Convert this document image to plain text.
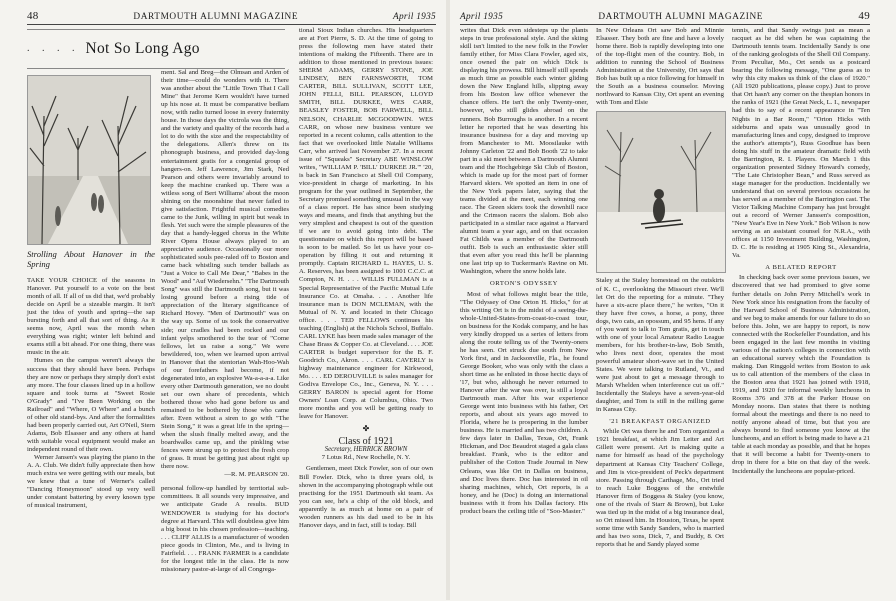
48	DARTMOUTH ALUMNI MAGAZINE	April 1935
. . . . Not So Long Ago
Strolling About Hanover in the Spring

TAKE YOUR CHOICE of the seasons in Hanover. Put yourself to a vote on the best month of all. If all of us did that, we'd probably decide on April be a sizeable margin. It isn't just the idea of youth and spring—the sap bursting forth and all that sort of thing. As it seems now, April was the month when everything was right; winter left behind and exams still a bit ahead. For one thing, there was music in the air.

Humes on the campus weren't always the success that they should have been. Perhaps they are now or perhaps they simply don't exist any more. The four classes lined up in a hollow square and took turns at "Sweet Rosie O'Grady" and "I've Been Working on the Railroad" and "Where, O Where" and a bunch of other old stand-bys. And after the formalities had been properly carried out, Art O'Neil, Stern Adams, Bob Elsasser and any others at hand with suitable vocal equipment would make an independent round of their own.

Werner Jansen's was playing the piano in the A. A. Club. We didn't fully appreciate then how much extra we were getting with our meals, but we knew that a tune of Werner's called "Dancing Honeymoon" stood up very well under constant battering by every known type of musical instrument,

ment. Sal and Breg—the Olmsan and Arden of their time—could do wonders with it. There was another about the "Little Town That I Call Mine" that Jerome Kern wouldn't have turned up his nose at. It must be comparative bedlam now, with radio turned loose in every fraternity house. In those days the victrola was the thing, and the variety and quality of the records had a lot to do with the size and the respectability of the delegations. Allen's threw on its phonograph business, and provided day-long entertainment gratis for a congenial group of hangers-on. Jeff Lawrence, Jim Stark, Ned Pearson and others were invariably around to keep the machine cranked up. There was a witless song of Bert Williams' about the moon shining on the moonshine that never failed to give satisfaction. Frightful musical comedies came to the Junk, willing in spirit but weak in flesh. Yet such were the simple pleasures of the day that a handy-legged chorus in the White River Opera House always played to an appreciative audience. Occasionally our more sophisticated souls pee-raled off to Boston and came back whistling such tender ballads as "Just a Voice to Call Me Dear," "Babes in the Wood" and "Auf Wiedersehn." "The Dartmouth Song" was still the Dartmouth song, but it was losing ground before a rising tide of appreciation of the literary significance of Richard Hovey. "Men of Dartmouth" was on the way up. Some of us took the conservative side; our cradles had been rocked and our infant yelps smothered to the tear of "Come fellows, let us raise a song." We were bewildered, too, when we learned upon arrival in Hanover that the stentorian Wah-Hoo-Wah of our forefathers had become, if not degenerated into, an explosive Wa-a-a-a-a. Like every other Dartmouth generation, we no doubt set our own share of precedents, which bothered those who had gone before us and remained to be bothered by those who came after. Even without a siren to go with "The Stein Song," it was a great life in the spring—when the slush finally melted away, and the boardwalks came up, and the pinkling wise fences were strung up to protect the fresh crop of grass. It must be getting just about right up there now.

—R. M. PEARSON '20.

personal follow-up handled by territorial sub-committees. It all sounds very impressive, and we anticipate Grade A results. BUD WENDOWER is studying for his doctor's degree at Harvard. This will doubtless give him a big boost in his chosen profession—teaching. . . . CLIFF ALLIS is a manufacturer of wooden piece goods in Clinton, Me., and is living in Fairfield. . . . FRANK FARMER is a candidate for the longest title in the class. He is now missionary pastor-at-large of all Congrega-

tional Sioux Indian churches. His headquarters are at Fort Pierre, S. D. At the time of going to press the following men have stated their intentions of making the Fifteenth. There are in addition to those mentioned in previous issues: SHERM ADAMS, GERRY STONE, JOE LINDSEY, BEN FARNSWORTH, TOM CARTER, BILL SULLIVAN, SCOTT LEE, JOHN FELLI, BILL PEARSON, LLOYD SMITH, BILL DURKEE, WES CARR, BEASLEY FOSTER, BOB FARWELL, BILL NELSON, CHARLIE MCGOODWIN. WES CARR, on whose new business venture we reported in a recent column, calls attention to the fact that we overlooked little Natalie Williams Carr, who arrived last November 27. In a recent issue of "Squeaks" Secretary ABE WINSLOW writes, "WILLIAM P. 'BILL' DURKEE JR.'" '20, is back in San Francisco at Shell Oil Company, vice-president in charge of marketing. In his program for the year outlined in September, the Secretary promised something unusual in the way of a class report. He has since been studying ways and means, and finds that anything but the very simplest and cheapest is out of the question if we are to avoid going into debt. The questionnaire on which this report will be based is soon to be mailed. So let us have your co-operation by filling it out and returning it promptly. Captain RICHARD L. HAYES, U. S. A. Reserves, has been assigned to 1001 C.C.C. at Compton, N. H. . . . WILLIS FULLMAN is a Special Representative of the Pacific Mutual Life Insurance Co. at Omaha. . . . Another life insurance man is DON MCLEMAN, with the Mutual of N. Y. and located in their Chicago office. . . . TED FELLOWS continues his teaching (English) at the Nichols School, Buffalo. CARL LYKE has been made sales manager of the Chase Brass & Copper Co. at Cleveland. . . . JOE CARTER is budget supervisor for the B. F. Goodrich Co., Akron. . . . CARL CAVERLY is highway maintenance engineer for Kirkwood, Mo. . . . ED DEROUVILLE is sales manager for Godiva Envelope Co., Inc., Geneva, N. Y. . . . GERRY BARON is special agent for Home Owners' Loan Corp. at Columbus, Ohio. Two more months and you will be getting ready to leave for Hanover.

✤
Class of 1921
Secretary, HERRICK BROWN
7 Lotus Rd., New Rochelle, N. Y.

Gentlemen, meet Dick Fowler, son of our own Bill Fowler. Dick, who is three years old, is shown in the accompanying photograph while out practising for the 1951 Dartmouth ski team. As you can see, he's a chip of the old block, and apparently is as much at home on a pair of wooden runners as his dad used to be in his Hanover days, and in fact, still is today. Bill

April 1935	DARTMOUTH ALUMNI MAGAZINE	49

writes that Dick even sidesteps up the plants steps in true professional style. And the skiing skill isn't limited to the new folk in the Fowler family either, for Miss Clara Fowler, aged six, once owned the pair on which Dick is displaying his prowess. Bill himself still spends as much time as possible each winter gliding down the New England hills, slipping away from his Boston law office whenever the chance offers. He isn't the only Twenty-oner, however, who still glides abroad on the runners. Bob Burroughs is another. In a recent letter he reported that he was deserting his insurance business for a day and moving up from Manchester to Mt. Moosilauke with Johnny Carleton '22 and Bob Booth '22 to take part in a ski meet between a Dartmouth Alumni team and the Hochgebirge Ski Club of Boston, which is made up for the most part of former Harvard skiers. We spotted an item in one of the New York papers later, saying that the teams divided at the meet, each winning one race. The Green skiers took the downhill race and the Crimson racers the slalom. Bob also participated in a similar race against a Harvard alumni team a year ago, and on that occasion Fat Childs was a member of the Dartmouth outfit. Bob is such an enthusiastic skier still that even after you read this he'll be planning one last trip up to Tuckerman's Ravine on Mt. Washington, where the snow holds late.

ORTON'S ODYSSEY

Most of what follows might bear the title, "The Odyssey of One Orton H. Hicks," for at this writing Ort is in the midst of a seeing-the-whole-United-States-from-coast-to-coast tour, on business for the Kodak company, and he has very kindly dropped us a series of letters from along the route telling us of the Twenty-oners he has seen. Ort struck due south from New York first, and in Jacksonville, Fla., he found George Booker, who was only with the class a short time as he enlisted in those hectic days of '17, but who, although he never returned to Hanover after the war was over, is still a loyal Dartmouth man. After his war experience George went into business with his father, Ort reports, and about six years ago moved to Florida, where he is prospering in the lumber business. He is married and has two children. A few days later in Dallas, Texas, Ort, Frank Hickman, and Doc Beaudrot staged a gala class breakfast. Frank, who is the editor and publisher of the Cotton Trade Journal in New Orleans, was like Ort in Dallas on business, and Doc lives there. Doc has interested in oil sharing machines, which, Ort reports, is a honey, and he (Doc) is doing an international business with it from his Dallas factory. His product bears the ceiling title of "Soo-Master."

In New Orleans Ort saw Bob and Minnie Elsasser. They both are fine and have a lovely home there. Bob is rapidly developing into one of the top-flight men of the country. Bob, in addition to running the School of Business Administration at the University, Ort says that Bob has built up a nice following for himself in the South as a business counselor. Moving northward to Kansas City, Ort spent an evening with Tom and Elsie

Staley at the Staley homestead on the outskirts of K. C., overlooking the Missouri river. We'll let Ort do the reporting for a minute. "They have a six-acre place there," he writes, "On it they have five cows, a horse, a pony, three dogs, two cats, an opossum, and 95 hens. If any of you want to talk to Tom gratis, get in touch with one of your local Amateur Radio League members, for his brother-in-law, Bob Smith, who lives next door, operates the most powerful amateur short-wave set in the United States. We were talking to Rutland, Vt., and were just about to get a message through to Marsh Whelden when interference cut us off." Incidentally the Staleys have a seven-year-old daughter, and Tom is still in the milling game in Kansas City.

'21 BREAKFAST ORGANIZED

While Ort was there he and Tom organized a 1921 breakfast, at which Jim Leiter and Art Gillett were present. Art is making quite a name for himself as head of the psychology department at Kansas City Teachers' College, and Jim is vice-president of Peck's department store. Passing through Carthage, Mo., Ort tried to reach Luke Boggess of the erstwhile Hanover firm of Boggess & Staley (you know, one of the rivals of Starr & Brown), but Luke was tied up in the midst of a big insurance deal, so Ort missed him. In Houston, Texas, he spent some time with Sandy Sanders, who is married and has two sons, Dick, 7, and Buddy, 8. Ort reports that he and Sandy played some

tennis, and that Sandy swings just as mean a racquet as he did when he was captaining the Dartmouth tennis team. Incidentally Sandy is one of the ranking geologists of the Shell Oil Company. From Peculiar, Mo., Ort sends us a postcard bearing the following message, "One guess as to why this city makes us think of the class of 1920." (All 1920 publications, please copy.) Just to prove that Ort hasn't any corner on the thespian honors in the ranks of 1921 (the Great Neck, L. I., newspaper had this to say of a recent appearance in "Ten Nights in a Bar Room," "Orton Hicks with sideburns and spats was unusually good in manufacturing lines and copy, designed to improve the author's attempts"), Russ Goodhue has been doing his stuff in the amateur dramatic field with the Barrington, R. I. Players. On March 1 this organization presented Sidney Howard's comedy, "The Late Christopher Bean," and Russ served as stage manager for the production. Incidentally we understand that on several previous occasions he has served as a member of the Barrington cast. The Victor Talking Machine Company has just brought out a record of Werner Janssen's composition, "New Year's Eve in New York." Bob Wilson is now serving as an assistant counsel for N.R.A., with offices at 1150 Investment Building, Washington, D. C. He is residing at 1905 King St., Alexandria, Va.

A BELATED REPORT

In checking back over some previous issues, we discovered that we had promised to give some further details on John Perry Mitchell's work in New York since his resignation from the faculty of the Harvard School of Business Administration, and we beg to make amends for our failure to do so before this. John, we are happy to report, is now connected with the Rockefeller Foundation, and his been engaged in the last few months in visiting various of the nation's colleges in connection with an educational survey which the Foundation is making. Dan Ringgold writes from Boston to ask us to call attention of the members of the class in the Boston area that 1921 has joined with 1918, 1919, and 1920 for informal weekly luncheons in Rooms 376 and 378 at the Parker House on Monday noons. Dan states that there is nothing formal about the meetings and there is no need to notify anyone ahead of time, but that you are always bound to find someone you know at the luncheons, and an effort is being made to have a 21 table at each monday as possible, and that he hopes that it will become a habit for Twenty-oners to drop in there for a bite on that day of the week. Incidentally the luncheons are popular-priced.
